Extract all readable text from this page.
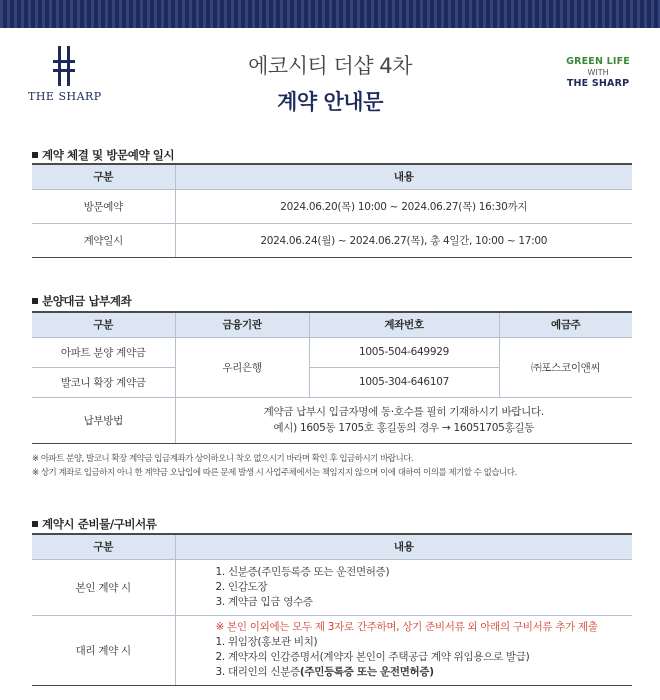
THE SHARP
에코시티 더샵 4차
계약 안내문
GREEN LIFE
WITH
THE SHARP
계약 체결 및 방문예약 일시
구분	내용
방문예약	2024.06.20(목) 10:00 ~ 2024.06.27(목) 16:30까지
계약일시	2024.06.24(월) ~ 2024.06.27(목), 총 4일간, 10:00 ~ 17:00
분양대금 납부계좌
구분	금융기관	계좌번호	예금주
아파트 분양 계약금	우리은행	1005-504-649929	㈜포스코이앤씨
발코니 확장 계약금		1005-304-646107	
납부방법	계약금 납부시 입금자명에 동·호수를 필히 기재하시기 바랍니다.
예시) 1605동 1705호 홍길동의 경우 → 16051705홍길동		
※ 아파트 분양, 발코니 확장 계약금 입금계좌가 상이하오니 착오 없으시기 바라며 확인 후 입금하시기 바랍니다.
※ 상기 계좌로 입금하지 아니 한 계약금 오납입에 따른 문제 발생 시 사업주체에서는 책임지지 않으며 이에 대하여 이의를 제기할 수 없습니다.
계약시 준비물/구비서류
구분	내용
본인 계약 시	1. 신분증(주민등록증 또는 운전면허증)
2. 인감도장
3. 계약금 입금 영수증

대리 계약 시	※ 본인 이외에는 모두 제 3자로 간주하며, 상기 준비서류 외 아래의 구비서류 추가 제출
1. 위임장(홍보관 비치)
2. 계약자의 인감증명서(계약자 본인이 주택공급 계약 위임용으로 발급)
3. 대리인의 신분증(주민등록증 또는 운전면허증)
